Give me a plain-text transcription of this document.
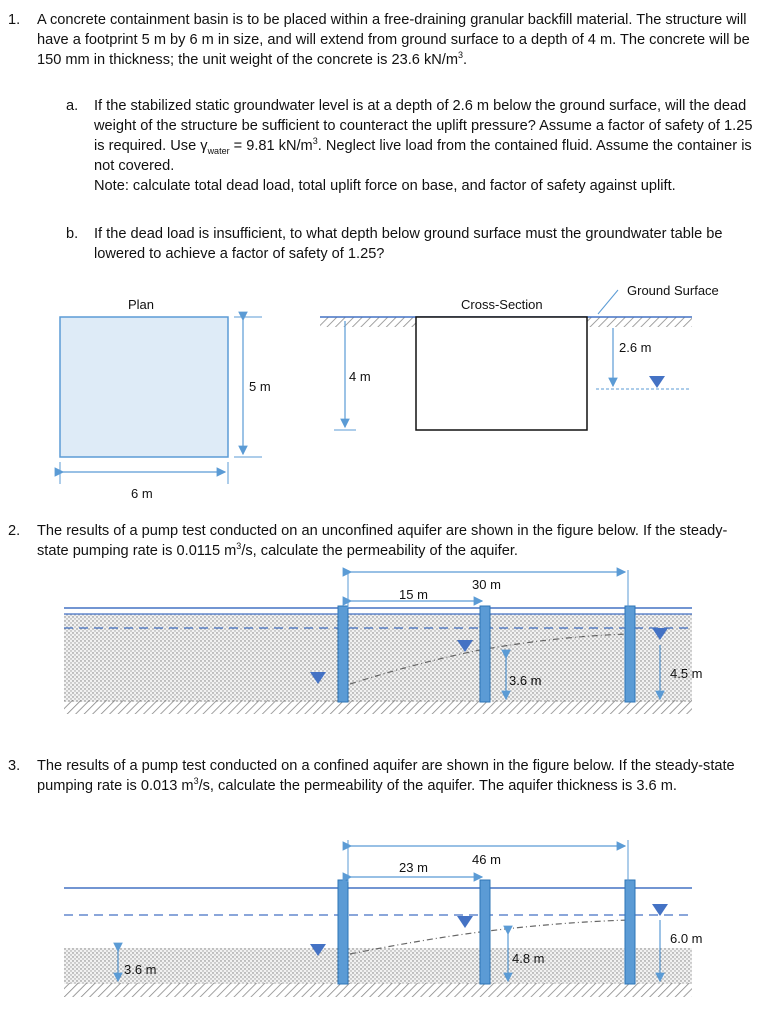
1. A concrete containment basin is to be placed within a free-draining granular backfill material. The structure will have a footprint 5 m by 6 m in size, and will extend from ground surface to a depth of 4 m. The concrete will be 150 mm in thickness; the unit weight of the concrete is 23.6 $kN/m^3$.
a. If the stabilized static groundwater level is at a depth of 2.6 m below the ground surface, will the dead weight of the structure be sufficient to counteract the uplift pressure? Assume a factor of safety of 1.25 is required. Use $\gamma_{water} = 9.81$ $kN/m^3$. Neglect live load from the contained fluid. Assume the container is not covered.
Note: calculate total dead load, total uplift force on base, and factor of safety against uplift.
b. If the dead load is insufficient, to what depth below ground surface must the groundwater table be lowered to achieve a factor of safety of 1.25?
Plan	Cross-Section
Ground Surface
5 m
6 m
4 m
2.6 m
2. The results of a pump test conducted on an unconfined aquifer are shown in the figure below. If the steady-state pumping rate is 0.0115 $m^3/s$, calculate the permeability of the aquifer.
30 m
15 m
3.6 m	4.5 m
3. The results of a pump test conducted on a confined aquifer are shown in the figure below. If the steady-state pumping rate is 0.013 $m^3/s$, calculate the permeability of the aquifer. The aquifer thickness is 3.6 m.
46 m
23 m
4.8 m
6.0 m
3.6 m
